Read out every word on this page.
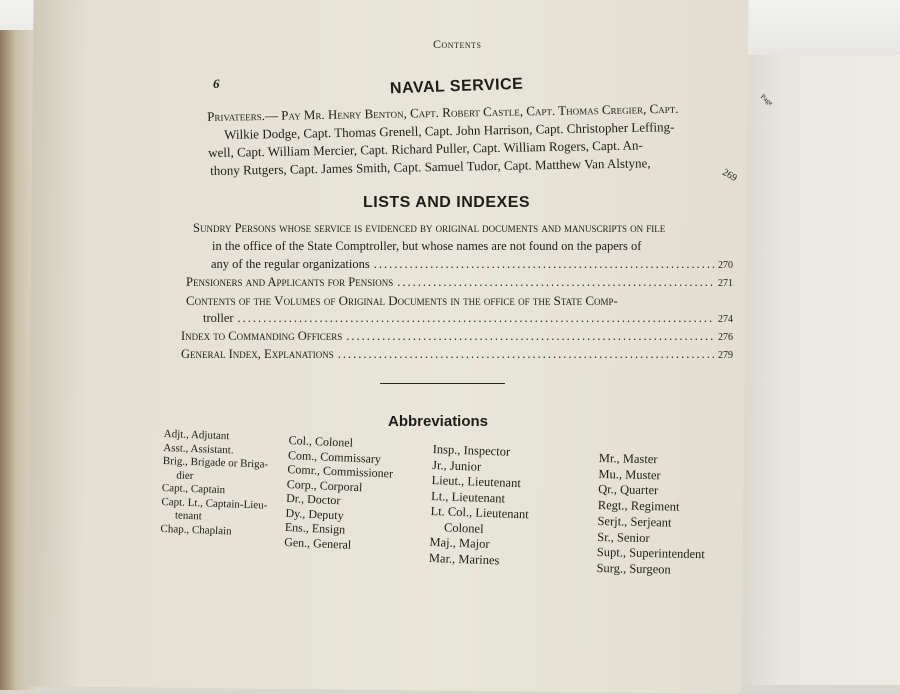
Contents
6	NAVAL SERVICE
Page
Privateers.— Pay Mr. Henry Benton, Capt. Robert Castle, Capt. Thomas Cregier, Capt.
Wilkie Dodge, Capt. Thomas Grenell, Capt. John Harrison, Capt. Christopher Leffing-
well, Capt. William Mercier, Capt. Richard Puller, Capt. William Rogers, Capt. An-
thony Rutgers, Capt. James Smith, Capt. Samuel Tudor, Capt. Matthew Van Alstyne,	269
LISTS AND INDEXES
Sundry Persons whose service is evidenced by original documents and manuscripts on file
in the office of the State Comptroller, but whose names are not found on the papers of
any of the regular organizations .....	270
Pensioners and Applicants for Pensions .....	271
Contents of the Volumes of Original Documents in the office of the State Comp-
troller .....	274
Index to Commanding Officers .....	276
General Index, Explanations .....	279
Abbreviations
Adjt., Adjutant
Asst., Assistant.
Brig., Brigade or Briga-
dier
Capt., Captain
Capt. Lt., Captain-Lieu-
tenant
Chap., Chaplain
Col., Colonel
Com., Commissary
Comr., Commissioner
Corp., Corporal
Dr., Doctor
Dy., Deputy
Ens., Ensign
Gen., General
Insp., Inspector
Jr., Junior
Lieut., Lieutenant
Lt., Lieutenant
Lt. Col., Lieutenant
Colonel
Maj., Major
Mar., Marines
Mr., Master
Mu., Muster
Qr., Quarter
Regt., Regiment
Serjt., Serjeant
Sr., Senior
Supt., Superintendent
Surg., Surgeon
